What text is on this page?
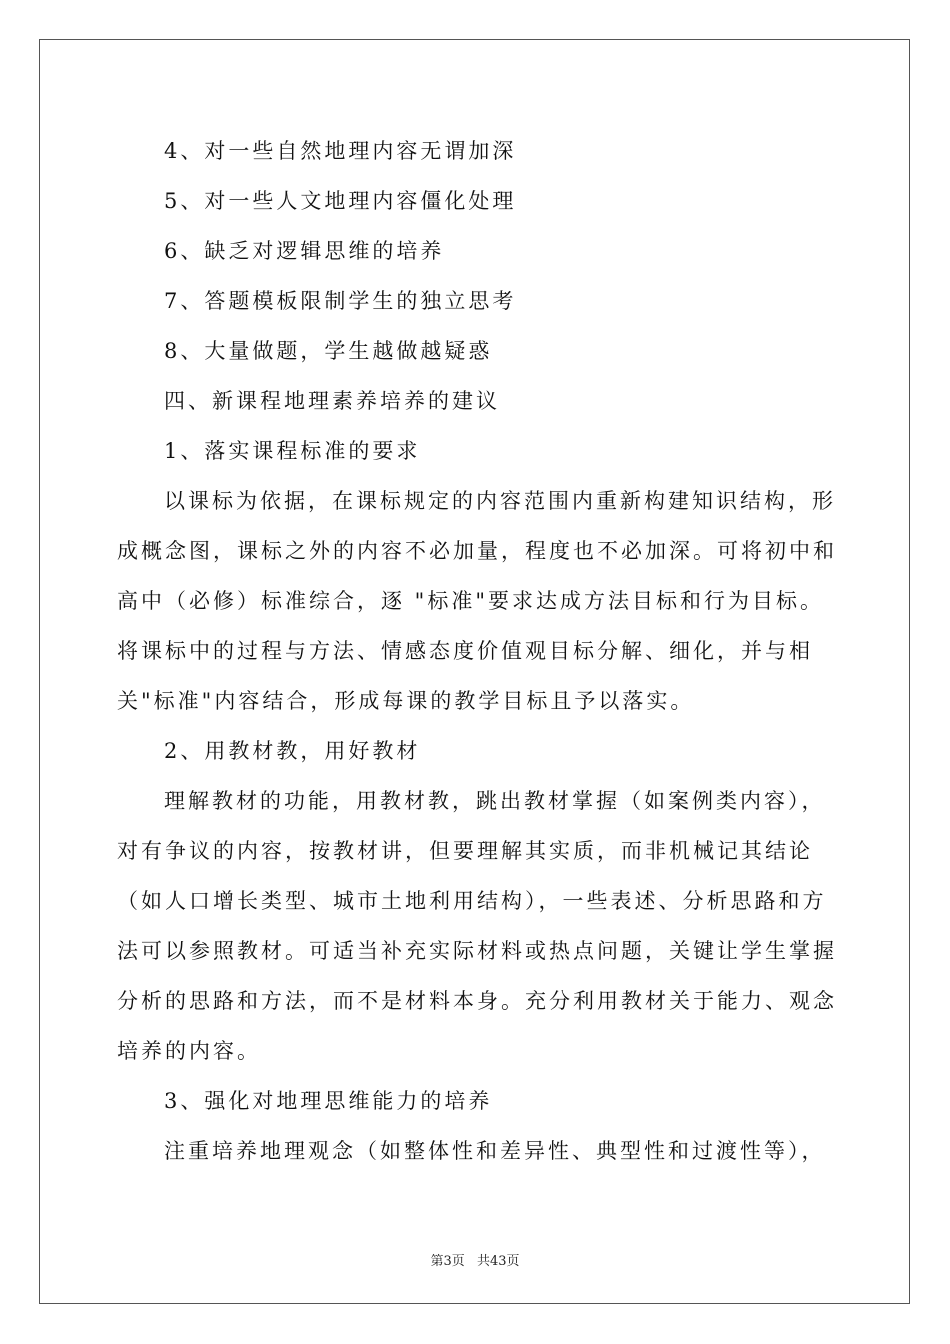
4、对一些自然地理内容无谓加深
5、对一些人文地理内容僵化处理
6、缺乏对逻辑思维的培养
7、答题模板限制学生的独立思考
8、大量做题，学生越做越疑惑
四、新课程地理素养培养的建议
1、落实课程标准的要求
以课标为依据，在课标规定的内容范围内重新构建知识结构，形
成概念图，课标之外的内容不必加量，程度也不必加深。可将初中和
高中（必修）标准综合，逐 "标准"要求达成方法目标和行为目标。
将课标中的过程与方法、情感态度价值观目标分解、细化，并与相
关"标准"内容结合，形成每课的教学目标且予以落实。
2、用教材教，用好教材
理解教材的功能，用教材教，跳出教材掌握（如案例类内容），
对有争议的内容，按教材讲，但要理解其实质，而非机械记其结论
（如人口增长类型、城市土地利用结构），一些表述、分析思路和方
法可以参照教材。可适当补充实际材料或热点问题，关键让学生掌握
分析的思路和方法，而不是材料本身。充分利用教材关于能力、观念
培养的内容。
3、强化对地理思维能力的培养
注重培养地理观念（如整体性和差异性、典型性和过渡性等），
第3页 共43页
